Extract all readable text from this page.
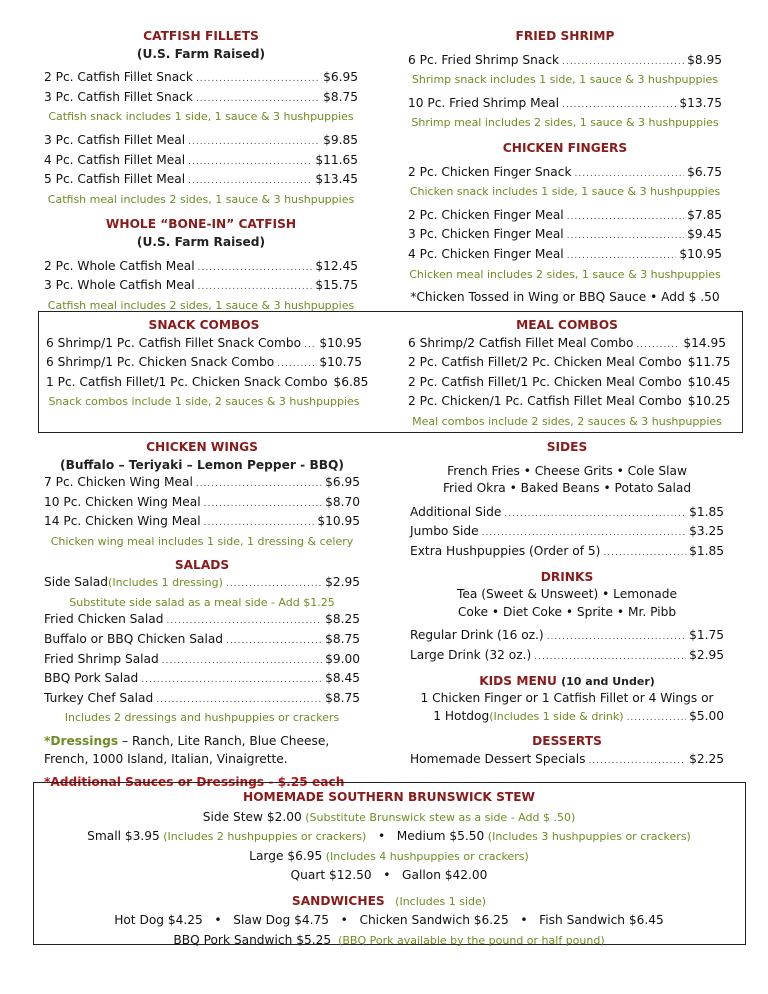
CATFISH FILLETS
(U.S. Farm Raised)
2 Pc. Catfish Fillet Snack .....	$6.95
3 Pc. Catfish Fillet Snack .....	$8.75
Catfish snack includes 1 side, 1 sauce & 3 hushpuppies
3 Pc. Catfish Fillet Meal .....	$9.85
4 Pc. Catfish Fillet Meal .....	$11.65
5 Pc. Catfish Fillet Meal .....	$13.45
Catfish meal includes 2 sides, 1 sauce & 3 hushpuppies
WHOLE “BONE-IN” CATFISH
(U.S. Farm Raised)
2 Pc. Whole Catfish Meal .....	$12.45
3 Pc. Whole Catfish Meal .....	$15.75
Catfish meal includes 2 sides, 1 sauce & 3 hushpuppies
FRIED SHRIMP
6 Pc. Fried Shrimp Snack .....	$8.95
Shrimp snack includes 1 side, 1 sauce & 3 hushpuppies
10 Pc. Fried Shrimp Meal .....	$13.75
Shrimp meal includes 2 sides, 1 sauce & 3 hushpuppies
CHICKEN FINGERS
2 Pc. Chicken Finger Snack .....	$6.75
Chicken snack includes 1 side, 1 sauce & 3 hushpuppies
2 Pc. Chicken Finger Meal .....	$7.85
3 Pc. Chicken Finger Meal .....	$9.45
4 Pc. Chicken Finger Meal .....	$10.95
Chicken meal includes 2 sides, 1 sauce & 3 hushpuppies
*Chicken Tossed in Wing or BBQ Sauce • Add $ .50
SNACK COMBOS
6 Shrimp/1 Pc. Catfish Fillet Snack Combo ..... $10.95
6 Shrimp/1 Pc. Chicken Snack Combo .....	$10.75
1 Pc. Catfish Fillet/1 Pc. Chicken Snack Combo $6.85
Snack combos include 1 side, 2 sauces & 3 hushpuppies
MEAL COMBOS
6 Shrimp/2 Catfish Fillet Meal Combo .....	$14.95
2 Pc. Catfish Fillet/2 Pc. Chicken Meal Combo $11.75
2 Pc. Catfish Fillet/1 Pc. Chicken Meal Combo $10.45
2 Pc. Chicken/1 Pc. Catfish Fillet Meal Combo $10.25
Meal combos include 2 sides, 2 sauces & 3 hushpuppies
CHICKEN WINGS
(Buffalo – Teriyaki – Lemon Pepper - BBQ)
7 Pc. Chicken Wing Meal .....	$6.95
10 Pc. Chicken Wing Meal .....	$8.70
14 Pc. Chicken Wing Meal .....	$10.95
Chicken wing meal includes 1 side, 1 dressing & celery
SALADS
Side Salad (Includes 1 dressing) .....	$2.95
Substitute side salad as a meal side - Add $1.25
Fried Chicken Salad .....	$8.25
Buffalo or BBQ Chicken Salad .....	$8.75
Fried Shrimp Salad .....	$9.00
BBQ Pork Salad .....	$8.45
Turkey Chef Salad .....	$8.75
Includes 2 dressings and hushpuppies or crackers
*Dressings – Ranch, Lite Ranch, Blue Cheese, French, 1000 Island, Italian, Vinaigrette.
*Additional Sauces or Dressings - $.25 each
SIDES
French Fries • Cheese Grits • Cole Slaw
Fried Okra • Baked Beans • Potato Salad
Additional Side .....	$1.85
Jumbo Side .....	$3.25
Extra Hushpuppies (Order of 5) .....	$1.85
DRINKS
Tea (Sweet & Unsweet) • Lemonade
Coke • Diet Coke • Sprite • Mr. Pibb
Regular Drink (16 oz.) .....	$1.75
Large Drink (32 oz.) .....	$2.95
KIDS MENU (10 and Under)
1 Chicken Finger or 1 Catfish Fillet or 4 Wings or
1 Hotdog (Includes 1 side & drink) .....	$5.00
DESSERTS
Homemade Dessert Specials .....	$2.25
HOMEMADE SOUTHERN BRUNSWICK STEW
Side Stew $2.00 (Substitute Brunswick stew as a side - Add $ .50)
Small $3.95 (Includes 2 hushpuppies or crackers)   •   Medium $5.50 (Includes 3 hushpuppies or crackers)
Large $6.95 (Includes 4 hushpuppies or crackers)
Quart $12.50   •   Gallon $42.00
SANDWICHES   (Includes 1 side)
Hot Dog $4.25   •   Slaw Dog $4.75   •   Chicken Sandwich $6.25   •   Fish Sandwich $6.45
BBQ Pork Sandwich $5.25  (BBQ Pork available by the pound or half pound)
